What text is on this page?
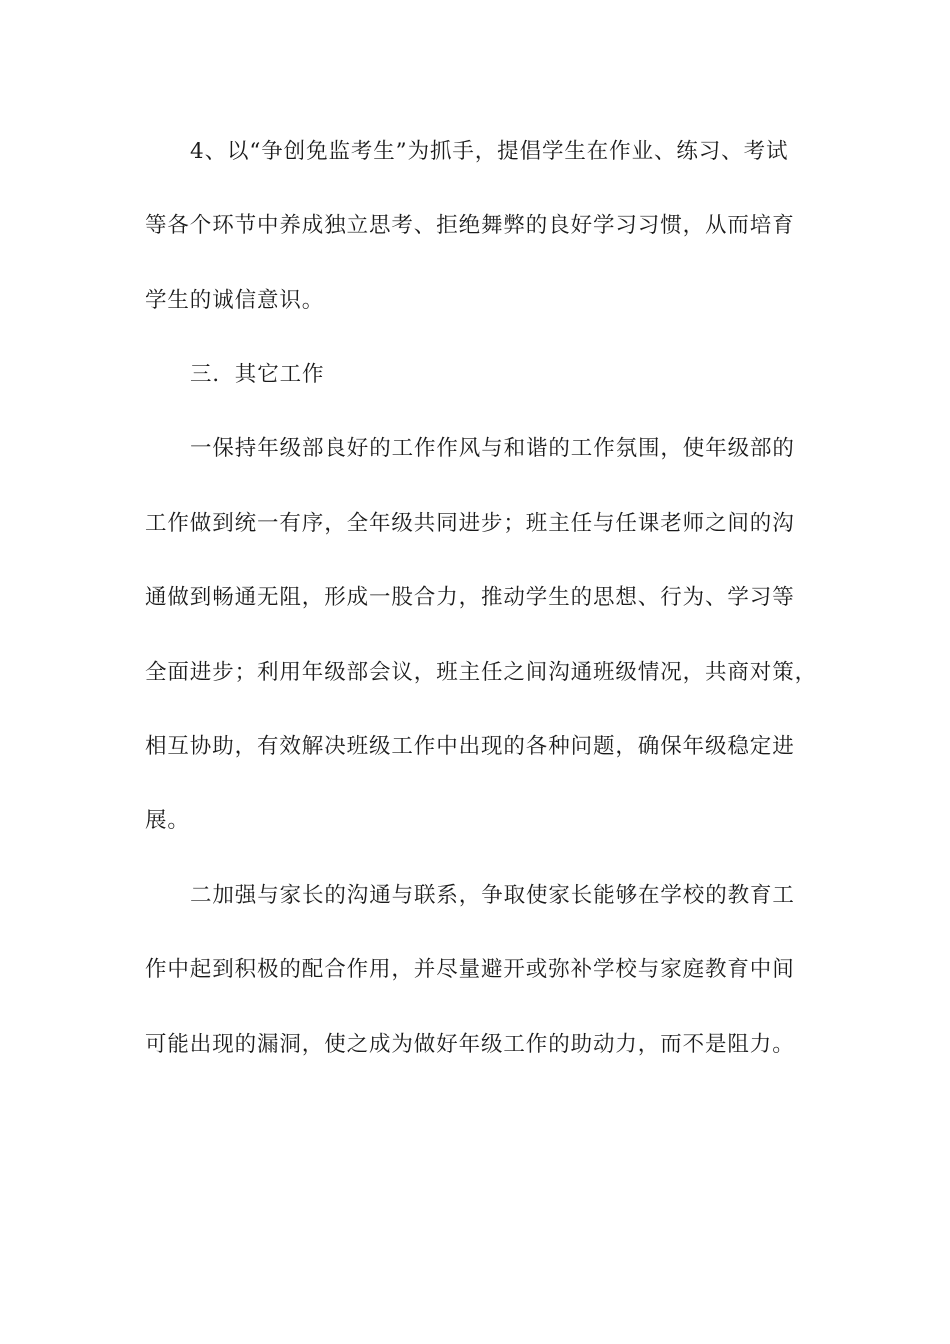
4、以“争创免监考生”为抓手，提倡学生在作业、练习、考试
等各个环节中养成独立思考、拒绝舞弊的良好学习习惯，从而培育
学生的诚信意识。
三．其它工作
一保持年级部良好的工作作风与和谐的工作氛围，使年级部的
工作做到统一有序，全年级共同进步；班主任与任课老师之间的沟
通做到畅通无阻，形成一股合力，推动学生的思想、行为、学习等
全面进步；利用年级部会议，班主任之间沟通班级情况，共商对策，
相互协助，有效解决班级工作中出现的各种问题，确保年级稳定进
展。
二加强与家长的沟通与联系，争取使家长能够在学校的教育工
作中起到积极的配合作用，并尽量避开或弥补学校与家庭教育中间
可能出现的漏洞，使之成为做好年级工作的助动力，而不是阻力。
